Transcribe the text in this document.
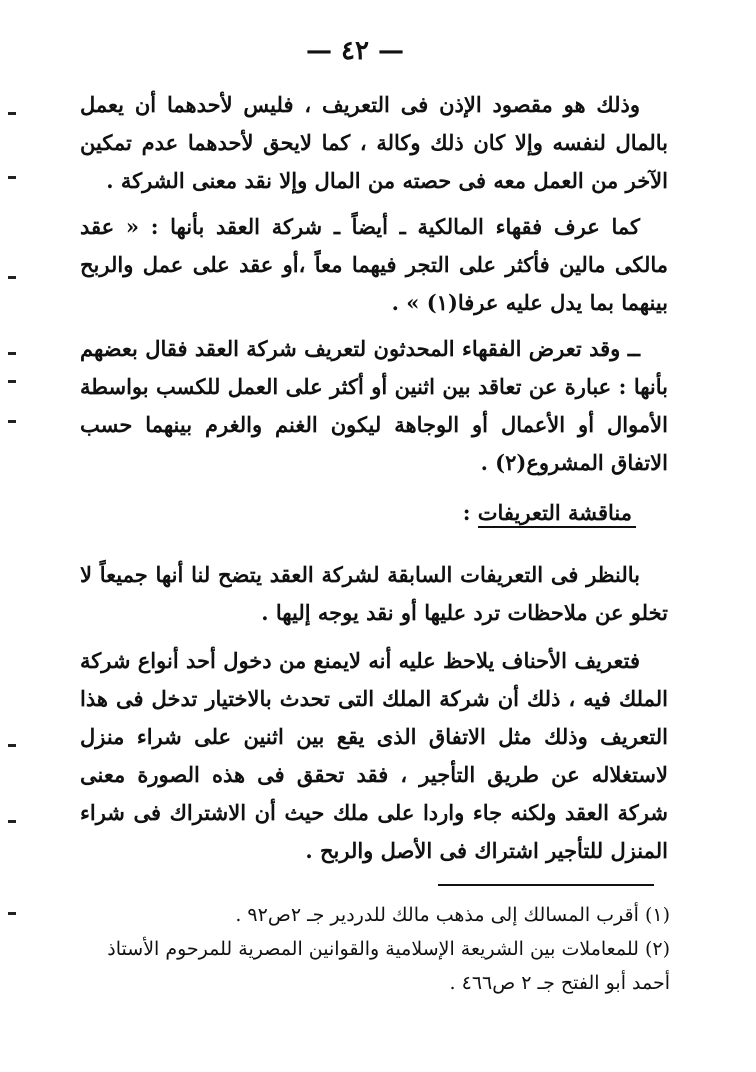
— ٤٢ —

وذلك هو مقصود الإذن فى التعريف ، فليس لأحدهما أن يعمل بالمال لنفسه وإلا كان ذلك وكالة ، كما لايحق لأحدهما عدم تمكين الآخر من العمل معه فى حصته من المال وإلا نقد معنى الشركة .

كما عرف فقهاء المالكية ـ أيضاً ـ شركة العقد بأنها : « عقد مالكى مالين فأكثر على التجر فيهما معاً ،أو عقد على عمل والربح بينهما بما يدل عليه عرفا(١) » .

ــ وقد تعرض الفقهاء المحدثون لتعريف شركة العقد فقال بعضهم بأنها : عبارة عن تعاقد بين اثنين أو أكثر على العمل للكسب بواسطة الأموال أو الأعمال أو الوجاهة ليكون الغنم والغرم بينهما حسب الاتفاق المشروع(٢) .

مناقشة التعريفات :

بالنظر فى التعريفات السابقة لشركة العقد يتضح لنا أنها جميعاً لا تخلو عن ملاحظات ترد عليها أو نقد يوجه إليها .

فتعريف الأحناف يلاحظ عليه أنه لايمنع من دخول أحد أنواع شركة الملك فيه ، ذلك أن شركة الملك التى تحدث بالاختيار تدخل فى هذا التعريف وذلك مثل الاتفاق الذى يقع بين اثنين على شراء منزل لاستغلاله عن طريق التأجير ، فقد تحقق فى هذه الصورة معنى شركة العقد ولكنه جاء واردا على ملك حيث أن الاشتراك فى شراء المنزل للتأجير اشتراك فى الأصل والربح .

(١) أقرب المسالك إلى مذهب مالك للدردير جـ ٢ص٩٢ .

(٢) للمعاملات بين الشريعة الإسلامية والقوانين المصرية للمرحوم الأستاذ أحمد أبو الفتح جـ ٢ ص٤٦٦ .
